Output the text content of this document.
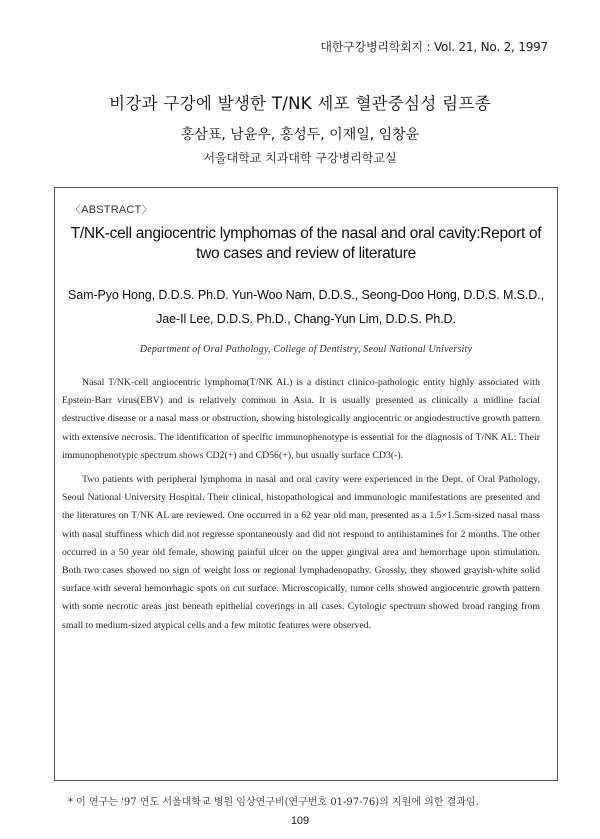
대한구강병리학회지 : Vol. 21, No. 2, 1997
비강과 구강에 발생한 T/NK 세포 혈관중심성 림프종
홍삼표, 남윤우, 홍성두, 이재일, 임창윤
서울대학교 치과대학 구강병리학교실
〈ABSTRACT〉
T/NK-cell angiocentric lymphomas of the nasal and oral cavity:Report of two cases and review of literature
Sam-Pyo Hong, D.D.S. Ph.D. Yun-Woo Nam, D.D.S., Seong-Doo Hong, D.D.S. M.S.D.,
Jae-Il Lee, D.D.S. Ph.D., Chang-Yun Lim, D.D.S. Ph.D.
Department of Oral Pathology, College of Dentistry, Seoul National University

Nasal T/NK-cell angiocentric lymphoma(T/NK AL) is a distinct clinico-pathologic entity highly associated with Epstein-Barr virus(EBV) and is relatively common in Asia. It is usually presented as clinically a midline facial destructive disease or a nasal mass or obstruction, showing histologically angiocentric or angiodestructive growth pattern with extensive necrosis. The identification of specific immunophenotype is essential for the diagnosis of T/NK AL: Their immunophenotypic spectrum shows CD2(+) and CD56(+), but usually surface CD3(-).

Two patients with peripheral lymphoma in nasal and oral cavity were experienced in the Dept. of Oral Pathology, Seoul National University Hospital. Their clinical, histopathological and immunologic manifestations are presented and the literatures on T/NK AL are reviewed. One occurred in a 62 year old man, presented as a 1.5×1.5cm-sized nasal mass with nasal stuffiness which did not regresse spontaneously and did not respond to antihistamines for 2 months. The other occurred in a 50 year old female, showing painful ulcer on the upper gingival area and hemorrhage upon stimulation. Both two cases showed no sign of weight loss or regional lymphadenopathy. Grossly, they showed grayish-white solid surface with several hemorrhagic spots on cut surface. Microscopically, tumor cells showed angiocentric growth pattern with some necrotic areas just beneath epithelial coverings in all cases. Cytologic spectrum showed broad ranging from small to medium-sized atypical cells and a few mitotic features were observed.

* 이 연구는 '97 연도 서울대학교 병원 임상연구비(연구번호 01-97-76)의 지원에 의한 결과임.
109
